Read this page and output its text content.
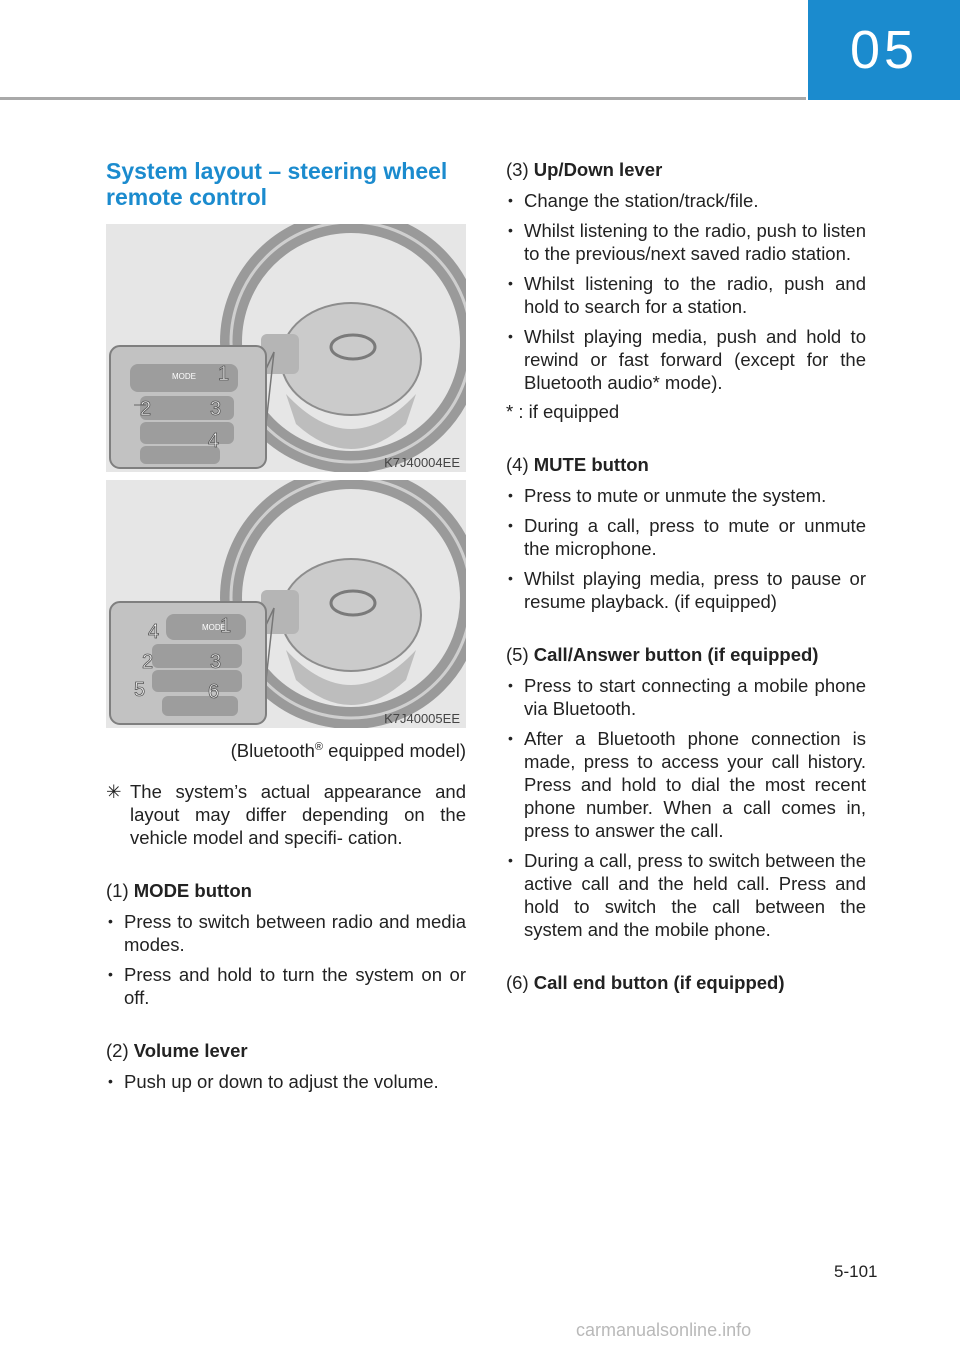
05
System layout – steering wheel remote control
MODE 1
2	3
4
K7J40004EE
MODE
4	1
2	3
5	6
K7J40005EE
(Bluetooth® equipped model)
✳ The system’s actual appearance and layout may differ depending on the vehicle model and specifi- cation.

(1) MODE button

• Press to switch between radio and media modes.
• Press and hold to turn the system on or off.

(2) Volume lever

• Push up or down to adjust the volume.

(3) Up/Down lever

• Change the station/track/file.
• Whilst listening to the radio, push to listen to the previous/next saved radio station.
• Whilst listening to the radio, push and hold to search for a station.
• Whilst playing media, push and hold to rewind or fast forward (except for the Bluetooth audio* mode).

* : if equipped

(4) MUTE button

• Press to mute or unmute the system.
• During a call, press to mute or unmute the microphone.
• Whilst playing media, press to pause or resume playback. (if equipped)

(5) Call/Answer button (if equipped)

• Press to start connecting a mobile phone via Bluetooth.
• After a Bluetooth phone connection is made, press to access your call history. Press and hold to dial the most recent phone number. When a call comes in, press to answer the call.
• During a call, press to switch between the active call and the held call. Press and hold to switch the call between the system and the mobile phone.

(6) Call end button (if equipped)

5-101
carmanualsonline.info
